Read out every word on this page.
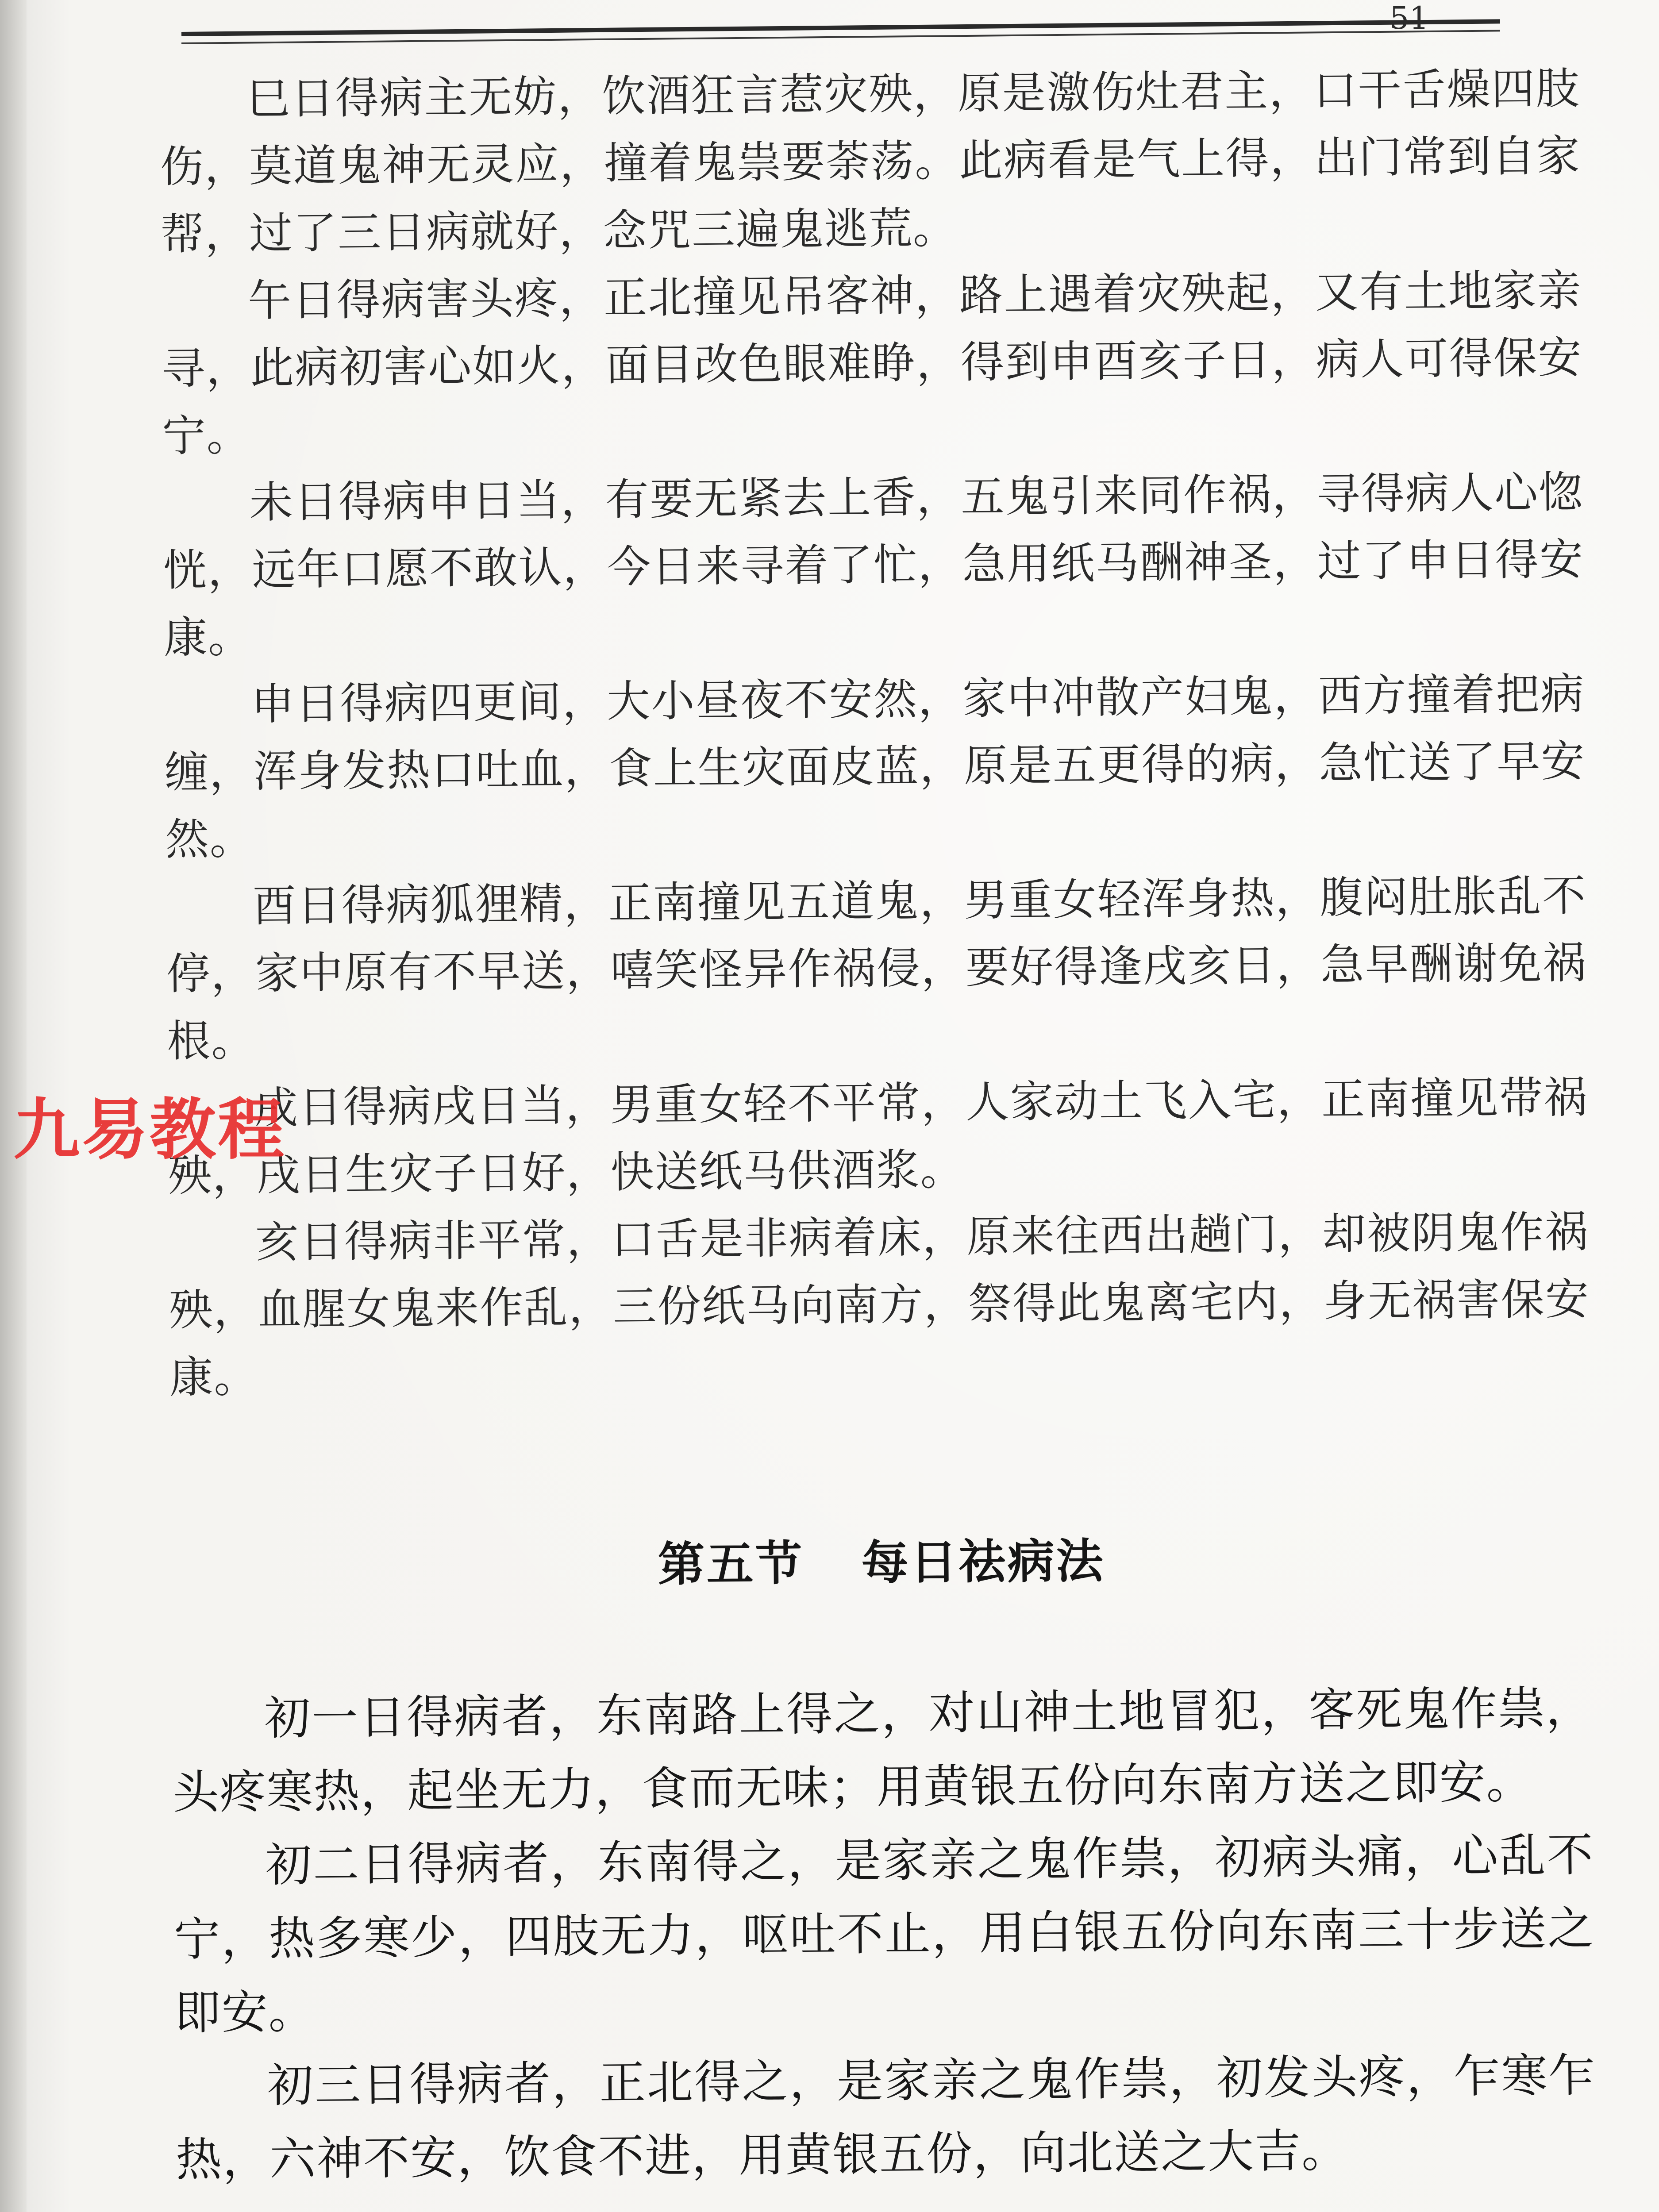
51

巳日得病主无妨，饮酒狂言惹灾殃，原是激伤灶君主，口干舌燥四肢伤，莫道鬼神无灵应，撞着鬼祟要荼荡。此病看是气上得，出门常到自家帮，过了三日病就好，念咒三遍鬼逃荒。

午日得病害头疼，正北撞见吊客神，路上遇着灾殃起，又有土地家亲寻，此病初害心如火，面目改色眼难睁，得到申酉亥子日，病人可得保安宁。

未日得病申日当，有要无紧去上香，五鬼引来同作祸，寻得病人心惚恍，远年口愿不敢认，今日来寻着了忙，急用纸马酬神圣，过了申日得安康。

申日得病四更间，大小昼夜不安然，家中冲散产妇鬼，西方撞着把病缠，浑身发热口吐血，食上生灾面皮蓝，原是五更得的病，急忙送了早安然。

酉日得病狐狸精，正南撞见五道鬼，男重女轻浑身热，腹闷肚胀乱不停，家中原有不早送，嘻笑怪异作祸侵，要好得逢戌亥日，急早酬谢免祸根。

戌日得病戌日当，男重女轻不平常，人家动土飞入宅，正南撞见带祸殃，戌日生灾子日好，快送纸马供酒浆。

亥日得病非平常，口舌是非病着床，原来往西出趟门，却被阴鬼作祸殃，血腥女鬼来作乱，三份纸马向南方，祭得此鬼离宅内，身无祸害保安康。

第五节 每日祛病法

初一日得病者，东南路上得之，对山神土地冒犯，客死鬼作祟，头疼寒热，起坐无力，食而无味；用黄银五份向东南方送之即安。

初二日得病者，东南得之，是家亲之鬼作祟，初病头痛，心乱不宁，热多寒少，四肢无力，呕吐不止，用白银五份向东南三十步送之即安。

初三日得病者，正北得之，是家亲之鬼作祟，初发头疼，乍寒乍热，六神不安，饮食不进，用黄银五份，向北送之大吉。

九易教程
